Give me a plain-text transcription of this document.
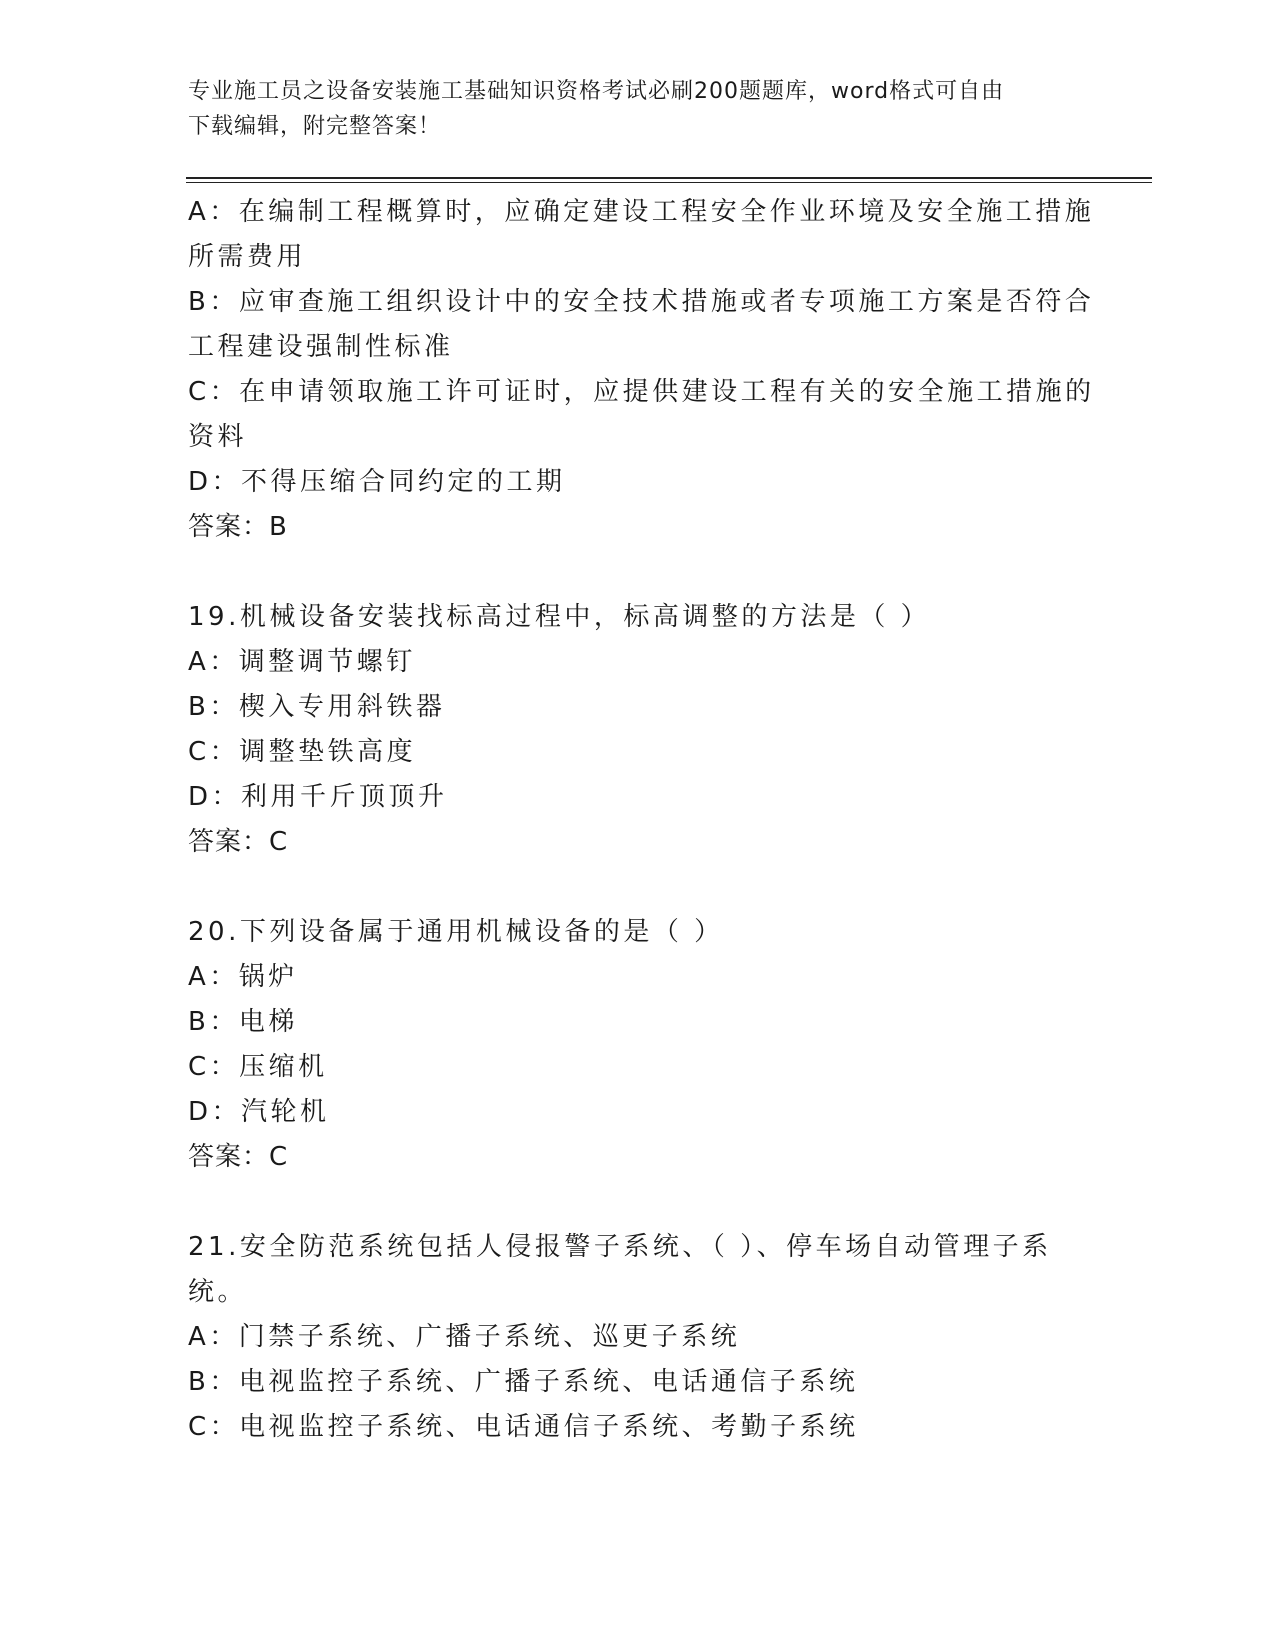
专业施工员之设备安装施工基础知识资格考试必刷200题题库，word格式可自由
下载编辑，附完整答案！
A：在编制工程概算时，应确定建设工程安全作业环境及安全施工措施
所需费用
B：应审查施工组织设计中的安全技术措施或者专项施工方案是否符合
工程建设强制性标准
C：在申请领取施工许可证时，应提供建设工程有关的安全施工措施的
资料
D：不得压缩合同约定的工期
答案：B
19.机械设备安装找标高过程中，标高调整的方法是（ ）
A：调整调节螺钉
B：楔入专用斜铁器
C：调整垫铁高度
D：利用千斤顶顶升
答案：C
20.下列设备属于通用机械设备的是（ ）
A：锅炉
B：电梯
C：压缩机
D：汽轮机
答案：C
21.安全防范系统包括人侵报警子系统、（ ）、停车场自动管理子系
统。
A：门禁子系统、广播子系统、巡更子系统
B：电视监控子系统、广播子系统、电话通信子系统
C：电视监控子系统、电话通信子系统、考勤子系统
